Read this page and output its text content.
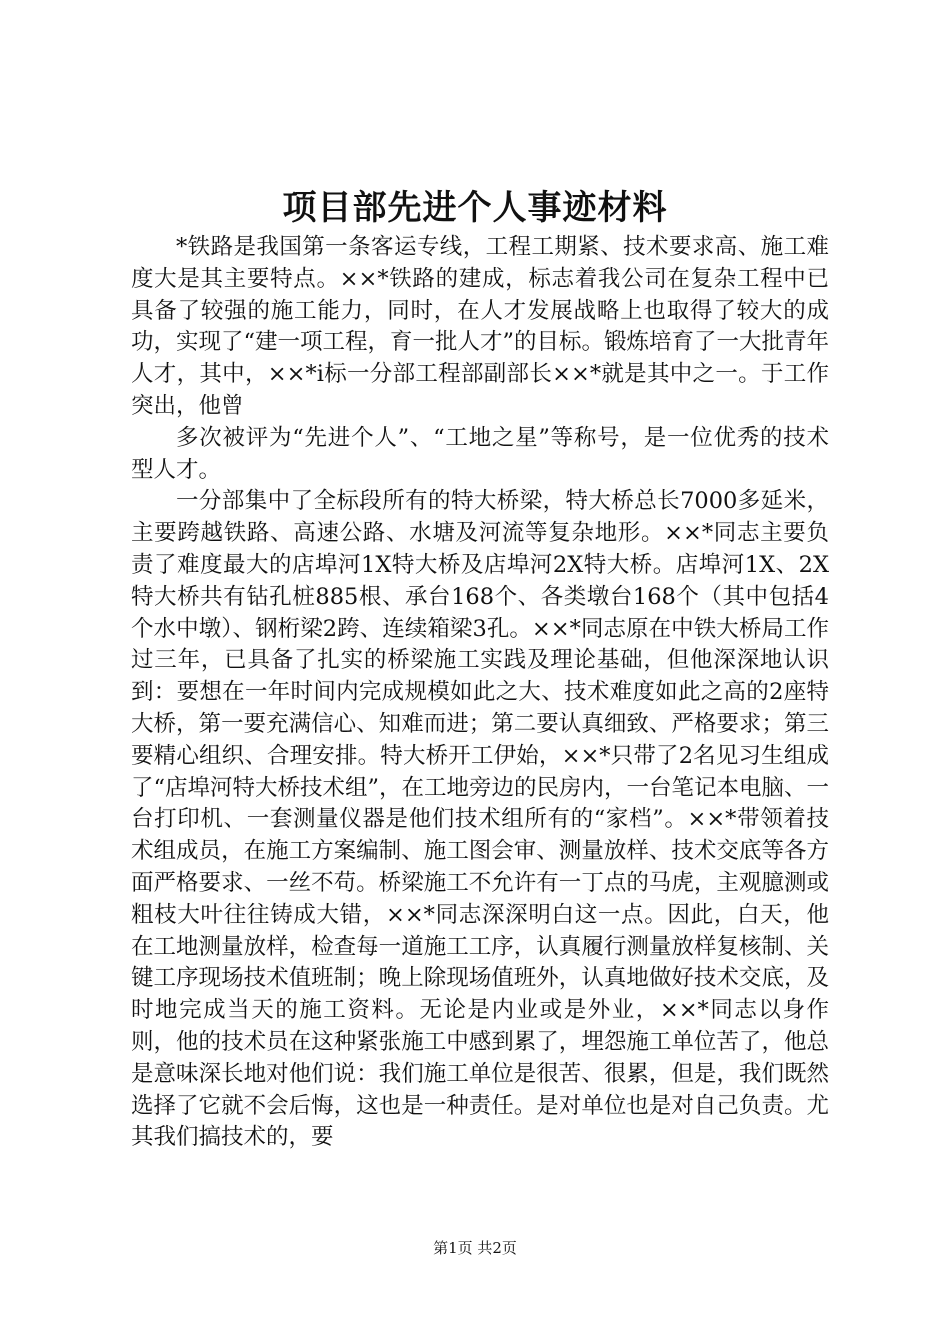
项目部先进个人事迹材料

*铁路是我国第一条客运专线，工程工期紧、技术要求高、施工难度大是其主要特点。××*铁路的建成，标志着我公司在复杂工程中已具备了较强的施工能力，同时，在人才发展战略上也取得了较大的成功，实现了“建一项工程，育一批人才”的目标。锻炼培育了一大批青年人才，其中，××*i标一分部工程部副部长××*就是其中之一。于工作突出，他曾

多次被评为“先进个人”、“工地之星”等称号，是一位优秀的技术型人才。

一分部集中了全标段所有的特大桥梁，特大桥总长7000多延米，主要跨越铁路、高速公路、水塘及河流等复杂地形。××*同志主要负责了难度最大的店埠河1X特大桥及店埠河2X特大桥。店埠河1X、2X特大桥共有钻孔桩885根、承台168个、各类墩台168个（其中包括4个水中墩）、钢桁梁2跨、连续箱梁3孔。××*同志原在中铁大桥局工作过三年，已具备了扎实的桥梁施工实践及理论基础，但他深深地认识到：要想在一年时间内完成规模如此之大、技术难度如此之高的2座特大桥，第一要充满信心、知难而进；第二要认真细致、严格要求；第三要精心组织、合理安排。特大桥开工伊始，××*只带了2名见习生组成了“店埠河特大桥技术组”，在工地旁边的民房内，一台笔记本电脑、一台打印机、一套测量仪器是他们技术组所有的“家档”。××*带领着技术组成员，在施工方案编制、施工图会审、测量放样、技术交底等各方面严格要求、一丝不苟。桥梁施工不允许有一丁点的马虎，主观臆测或粗枝大叶往往铸成大错，××*同志深深明白这一点。因此，白天，他在工地测量放样，检查每一道施工工序，认真履行测量放样复核制、关键工序现场技术值班制；晚上除现场值班外，认真地做好技术交底，及时地完成当天的施工资料。无论是内业或是外业，××*同志以身作则，他的技术员在这种紧张施工中感到累了，埋怨施工单位苦了，他总是意味深长地对他们说：我们施工单位是很苦、很累，但是，我们既然选择了它就不会后悔，这也是一种责任。是对单位也是对自己负责。尤其我们搞技术的，要

第1页 共2页
